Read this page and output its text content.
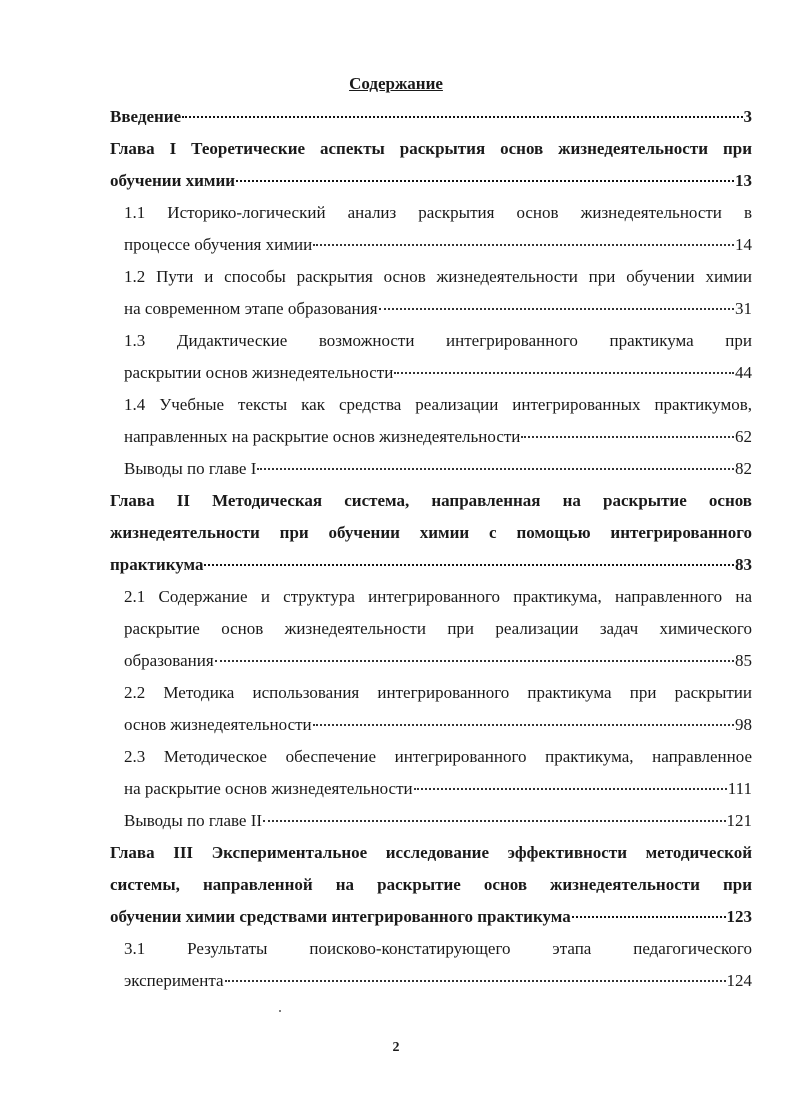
Содержание
Введение	3
Глава I Теоретические аспекты раскрытия основ жизнедеятельности при
обучении химии	13
1.1 Историко-логический анализ раскрытия основ жизнедеятельности в
процессе обучения химии	14
1.2 Пути и способы раскрытия основ жизнедеятельности при обучении химии
на современном этапе образования	31
1.3 Дидактические возможности интегрированного практикума при
раскрытии основ жизнедеятельности	44
1.4 Учебные тексты как средства реализации интегрированных практикумов,
направленных на раскрытие основ жизнедеятельности	62
Выводы по главе I	82
Глава II Методическая система, направленная на раскрытие основ
жизнедеятельности при обучении химии с помощью интегрированного
практикума	83
2.1 Содержание и структура интегрированного практикума, направленного на
раскрытие основ жизнедеятельности при реализации задач химического
образования	85
2.2 Методика использования интегрированного практикума при раскрытии
основ жизнедеятельности	98
2.3 Методическое обеспечение интегрированного практикума, направленное
на раскрытие основ жизнедеятельности	111
Выводы по главе II	121
Глава III Экспериментальное исследование эффективности методической
системы, направленной на раскрытие основ жизнедеятельности при
обучении химии средствами интегрированного практикума	123
3.1 Результаты поисково-констатирующего этапа педагогического
эксперимента	124
2
